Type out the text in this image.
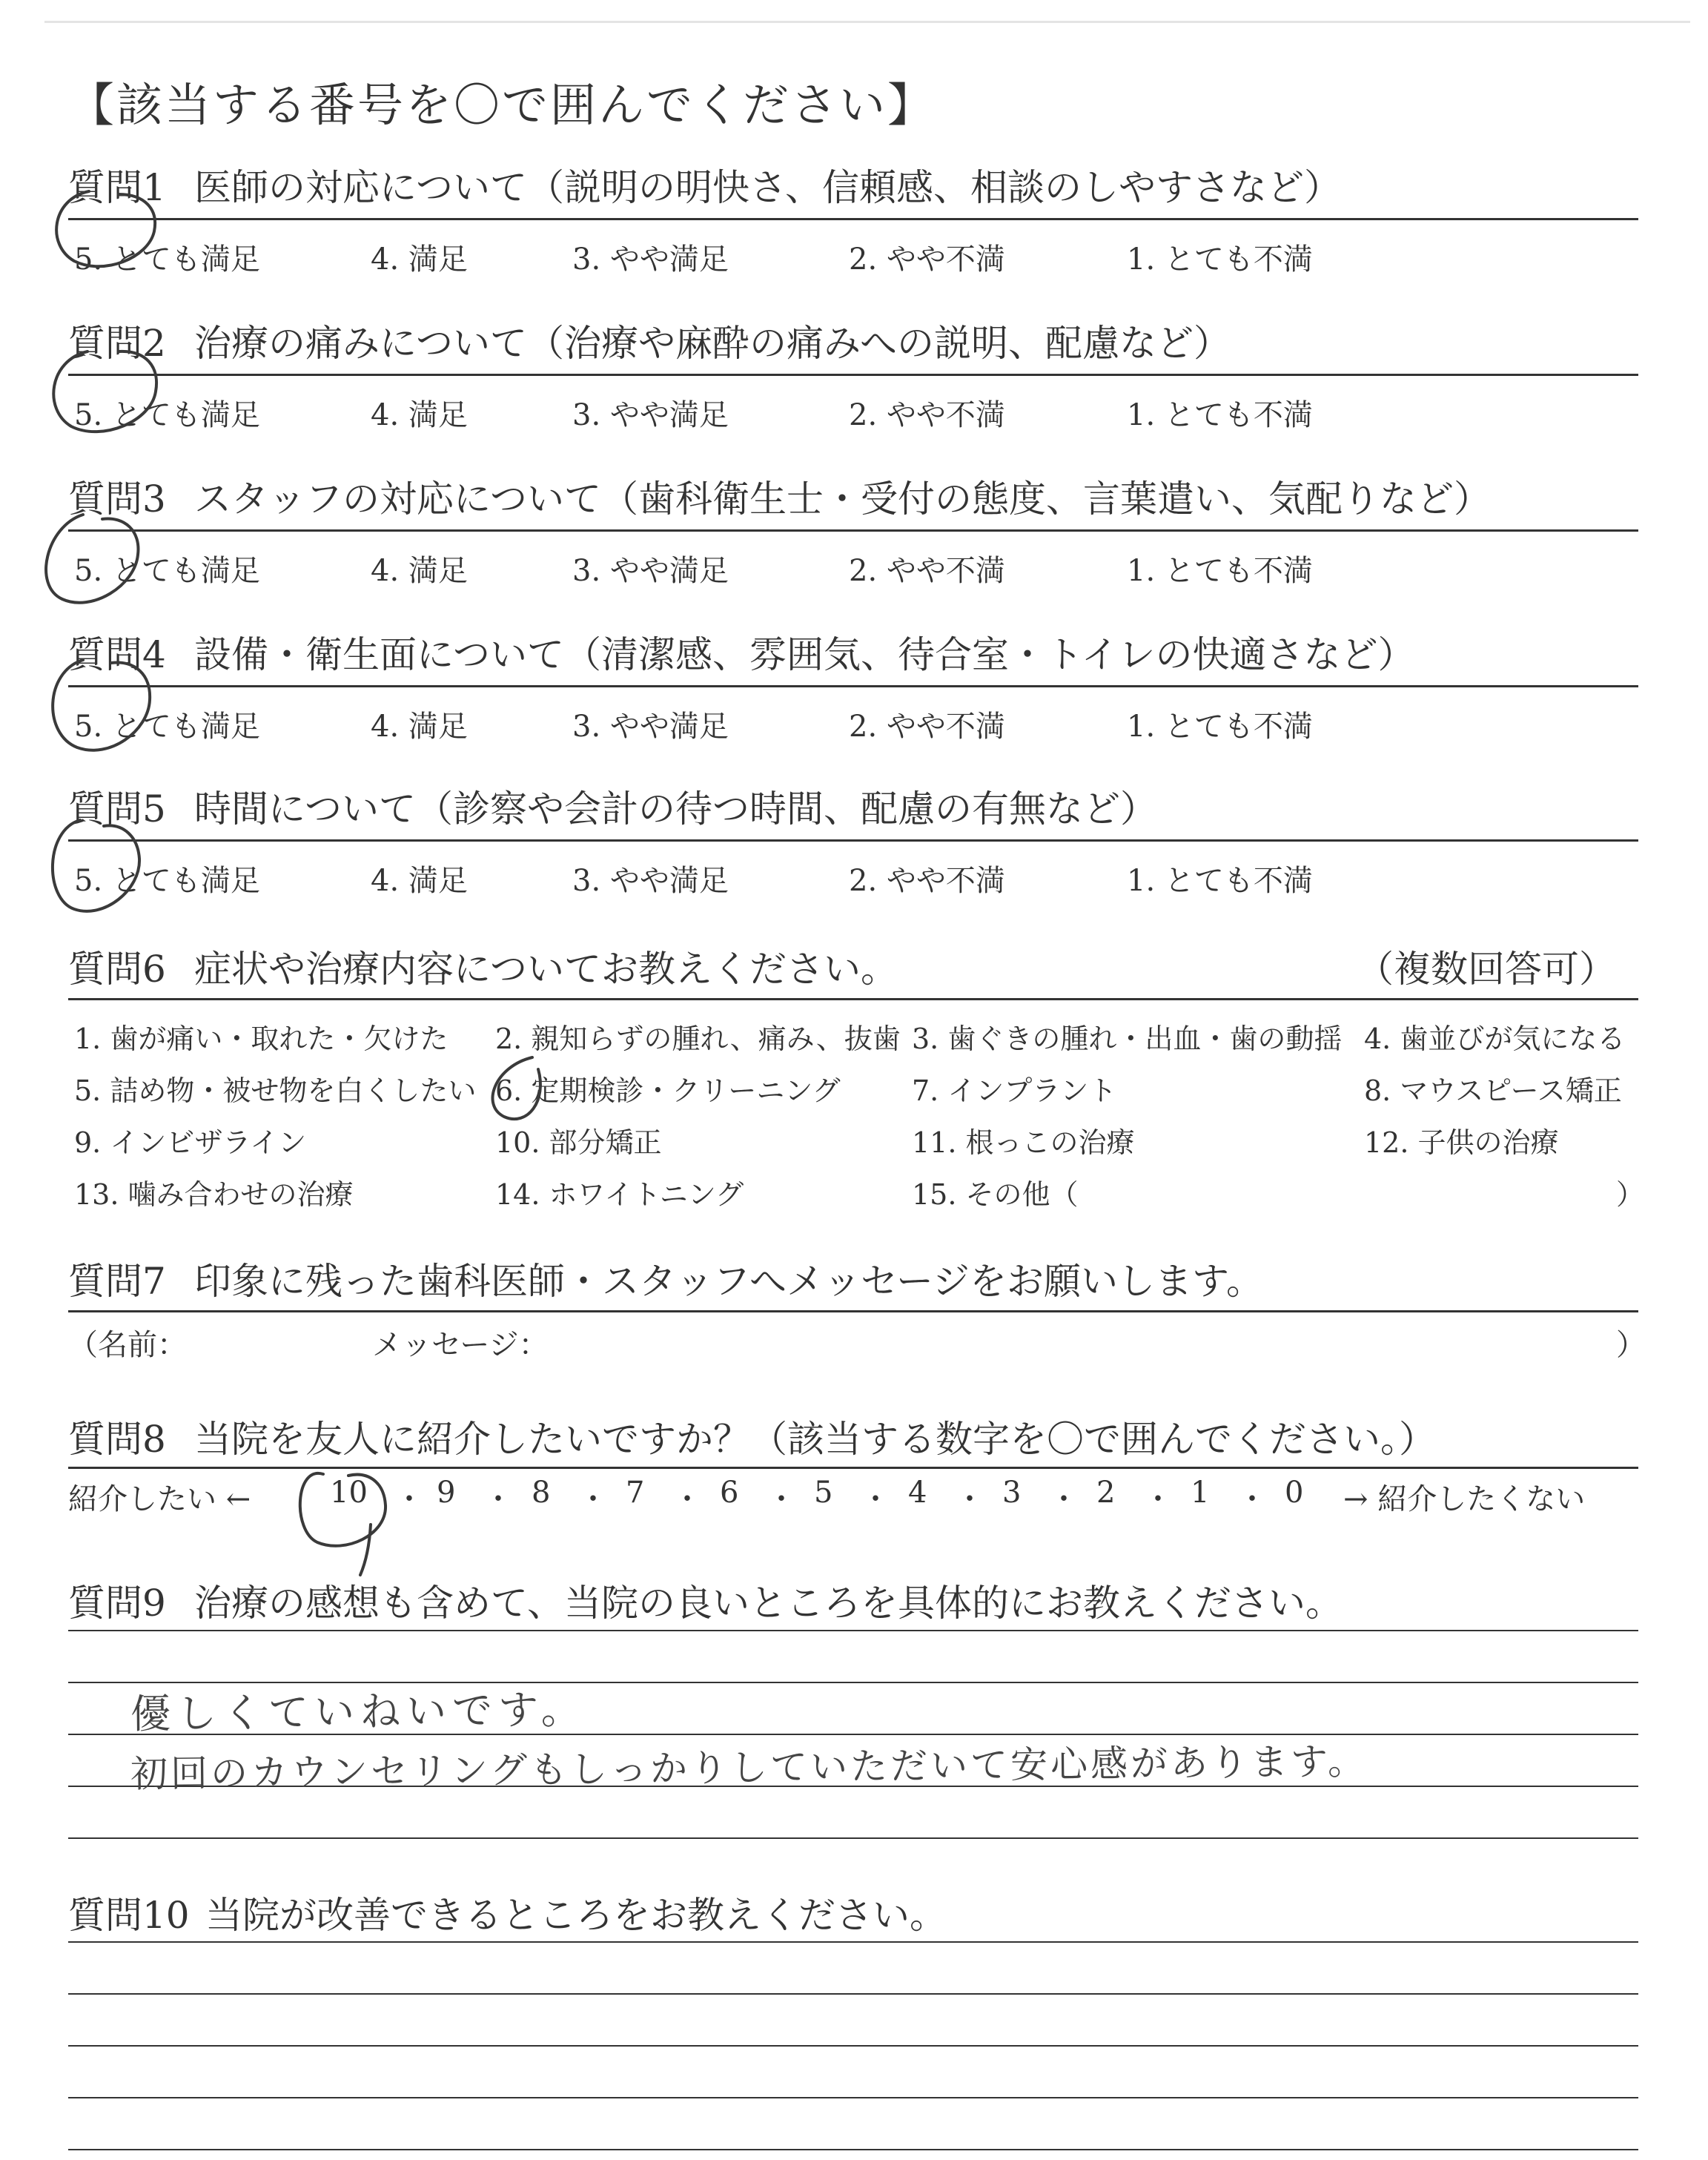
【該当する番号を〇で囲んでください】
質問1 医師の対応について（説明の明快さ、信頼感、相談のしやすさなど）
5. とても満足	4. 満足	3. やや満足	2. やや不満	1. とても不満
質問2 治療の痛みについて（治療や麻酔の痛みへの説明、配慮など）
5. とても満足	4. 満足	3. やや満足	2. やや不満	1. とても不満
質問3 スタッフの対応について（歯科衛生士・受付の態度、言葉遣い、気配りなど）
5. とても満足	4. 満足	3. やや満足	2. やや不満	1. とても不満
質問4 設備・衛生面について（清潔感、雰囲気、待合室・トイレの快適さなど）
5. とても満足	4. 満足	3. やや満足	2. やや不満	1. とても不満
質問5 時間について（診察や会計の待つ時間、配慮の有無など）
5. とても満足	4. 満足	3. やや満足	2. やや不満	1. とても不満
質問6 症状や治療内容についてお教えください。	（複数回答可）
1. 歯が痛い・取れた・欠けた 2. 親知らずの腫れ、痛み、抜歯 3. 歯ぐきの腫れ・出血・歯の動揺 4. 歯並びが気になる
5. 詰め物・被せ物を白くしたい 6. 定期検診・クリーニング	7. インプラント	8. マウスピース矯正
9. インビザライン	10. 部分矯正	11. 根っこの治療	12. 子供の治療
13. 噛み合わせの治療	14. ホワイトニング	15. その他（	）
質問7 印象に残った歯科医師・スタッフへメッセージをお願いします。
（名前：	メッセージ：	）
質問8 当院を友人に紹介したいですか？（該当する数字を〇で囲んでください。）
紹介したい ←	10 ・ 9 ・ 8 ・ 7 ・ 6 ・ 5 ・ 4 ・ 3 ・ 2 ・ 1 ・ 0 → 紹介したくない
質問9 治療の感想も含めて、当院の良いところを具体的にお教えください。
優しくていねいです。
初回のカウンセリングもしっかりしていただいて安心感があります。
質問10 当院が改善できるところをお教えください。
